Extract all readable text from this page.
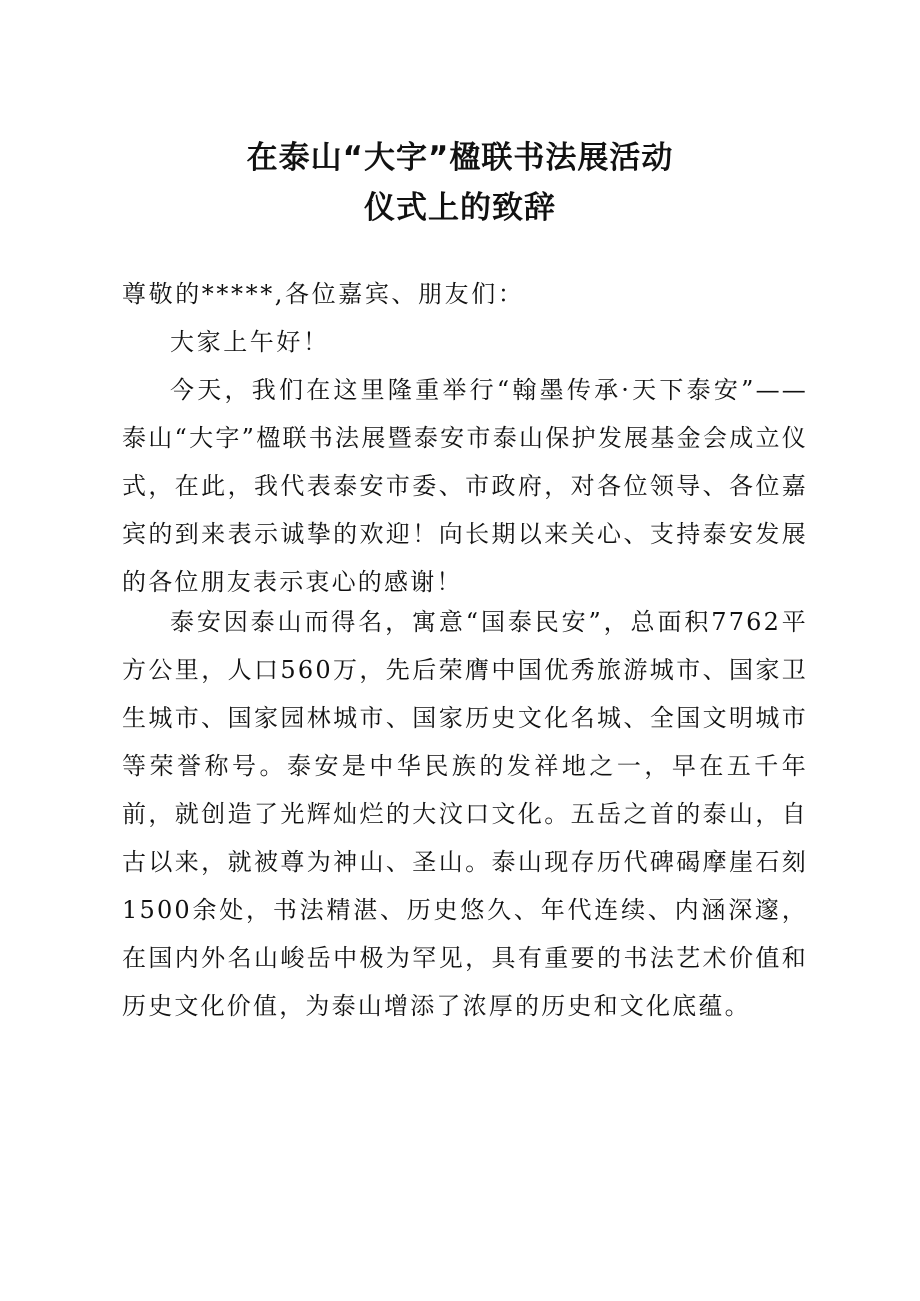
在泰山“大字”楹联书法展活动
仪式上的致辞
尊敬的*****,各位嘉宾、朋友们：
大家上午好！

今天，我们在这里隆重举行“翰墨传承·天下泰安”——泰山“大字”楹联书法展暨泰安市泰山保护发展基金会成立仪式，在此，我代表泰安市委、市政府，对各位领导、各位嘉宾的到来表示诚挚的欢迎！向长期以来关心、支持泰安发展的各位朋友表示衷心的感谢！

泰安因泰山而得名，寓意“国泰民安”，总面积7762平方公里，人口560万，先后荣膺中国优秀旅游城市、国家卫生城市、国家园林城市、国家历史文化名城、全国文明城市等荣誉称号。泰安是中华民族的发祥地之一，早在五千年前，就创造了光辉灿烂的大汶口文化。五岳之首的泰山，自古以来，就被尊为神山、圣山。泰山现存历代碑碣摩崖石刻1500余处，书法精湛、历史悠久、年代连续、内涵深邃，在国内外名山峻岳中极为罕见，具有重要的书法艺术价值和历史文化价值，为泰山增添了浓厚的历史和文化底蕴。
